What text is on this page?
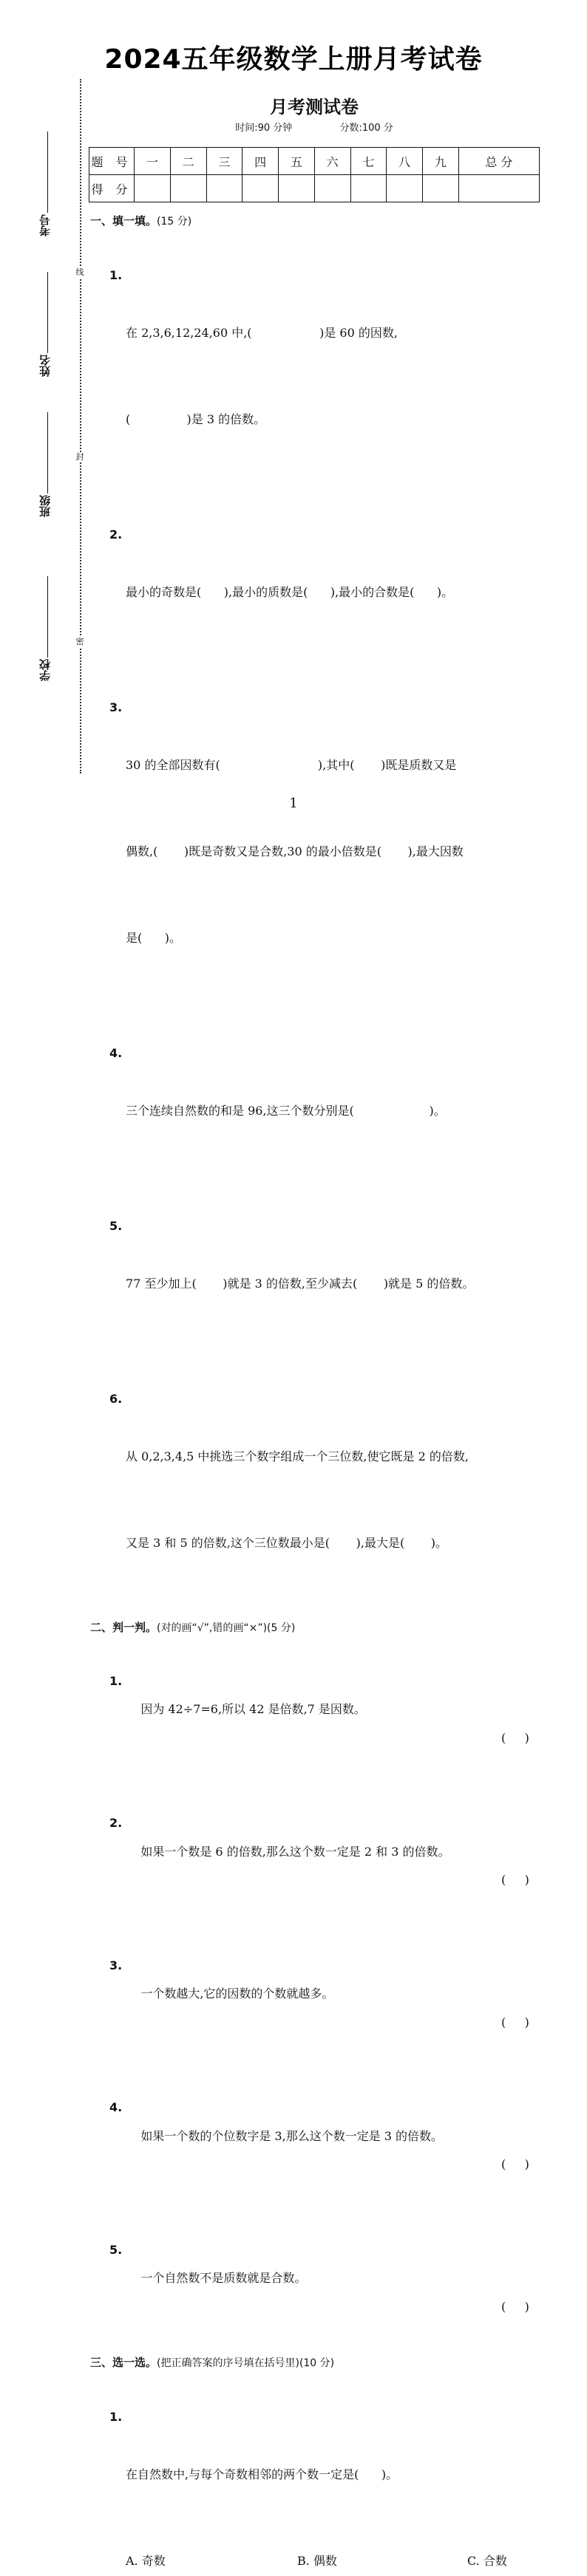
2024五年级数学上册月考试卷
月考测试卷
时间:90 分钟	分数:100 分
线
封
密
考号
姓名
班级
学校
题 号	一	二	三	四	五	六	七	八	九	总 分
得 分										
一、填一填。(15 分)

1.

在 2,3,6,12,24,60 中,(                  )是 60 的因数,

(               )是 3 的倍数。

2.

最小的奇数是(      ),最小的质数是(      ),最小的合数是(      )。

3.

30 的全部因数有(                          ),其中(       )既是质数又是

偶数,(       )既是奇数又是合数,30 的最小倍数是(       ),最大因数

是(      )。

4.

三个连续自然数的和是 96,这三个数分别是(                    )。

5.

77 至少加上(       )就是 3 的倍数,至少减去(       )就是 5 的倍数。

6.

从 0,2,3,4,5 中挑选三个数字组成一个三位数,使它既是 2 的倍数,

又是 3 和 5 的倍数,这个三位数最小是(       ),最大是(       )。

二、判一判。(对的画“√”,错的画“×”)(5 分)

1.

因为 42÷7=6,所以 42 是倍数,7 是因数。

(     )

2.

如果一个数是 6 的倍数,那么这个数一定是 2 和 3 的倍数。

(     )

3.

一个数越大,它的因数的个数就越多。

(     )

4.

如果一个数的个位数字是 3,那么这个数一定是 3 的倍数。

(     )

5.

一个自然数不是质数就是合数。

(     )

三、选一选。(把正确答案的序号填在括号里)(10 分)

1.

在自然数中,与每个奇数相邻的两个数一定是(      )。

A. 奇数	B. 偶数	C. 合数
1
